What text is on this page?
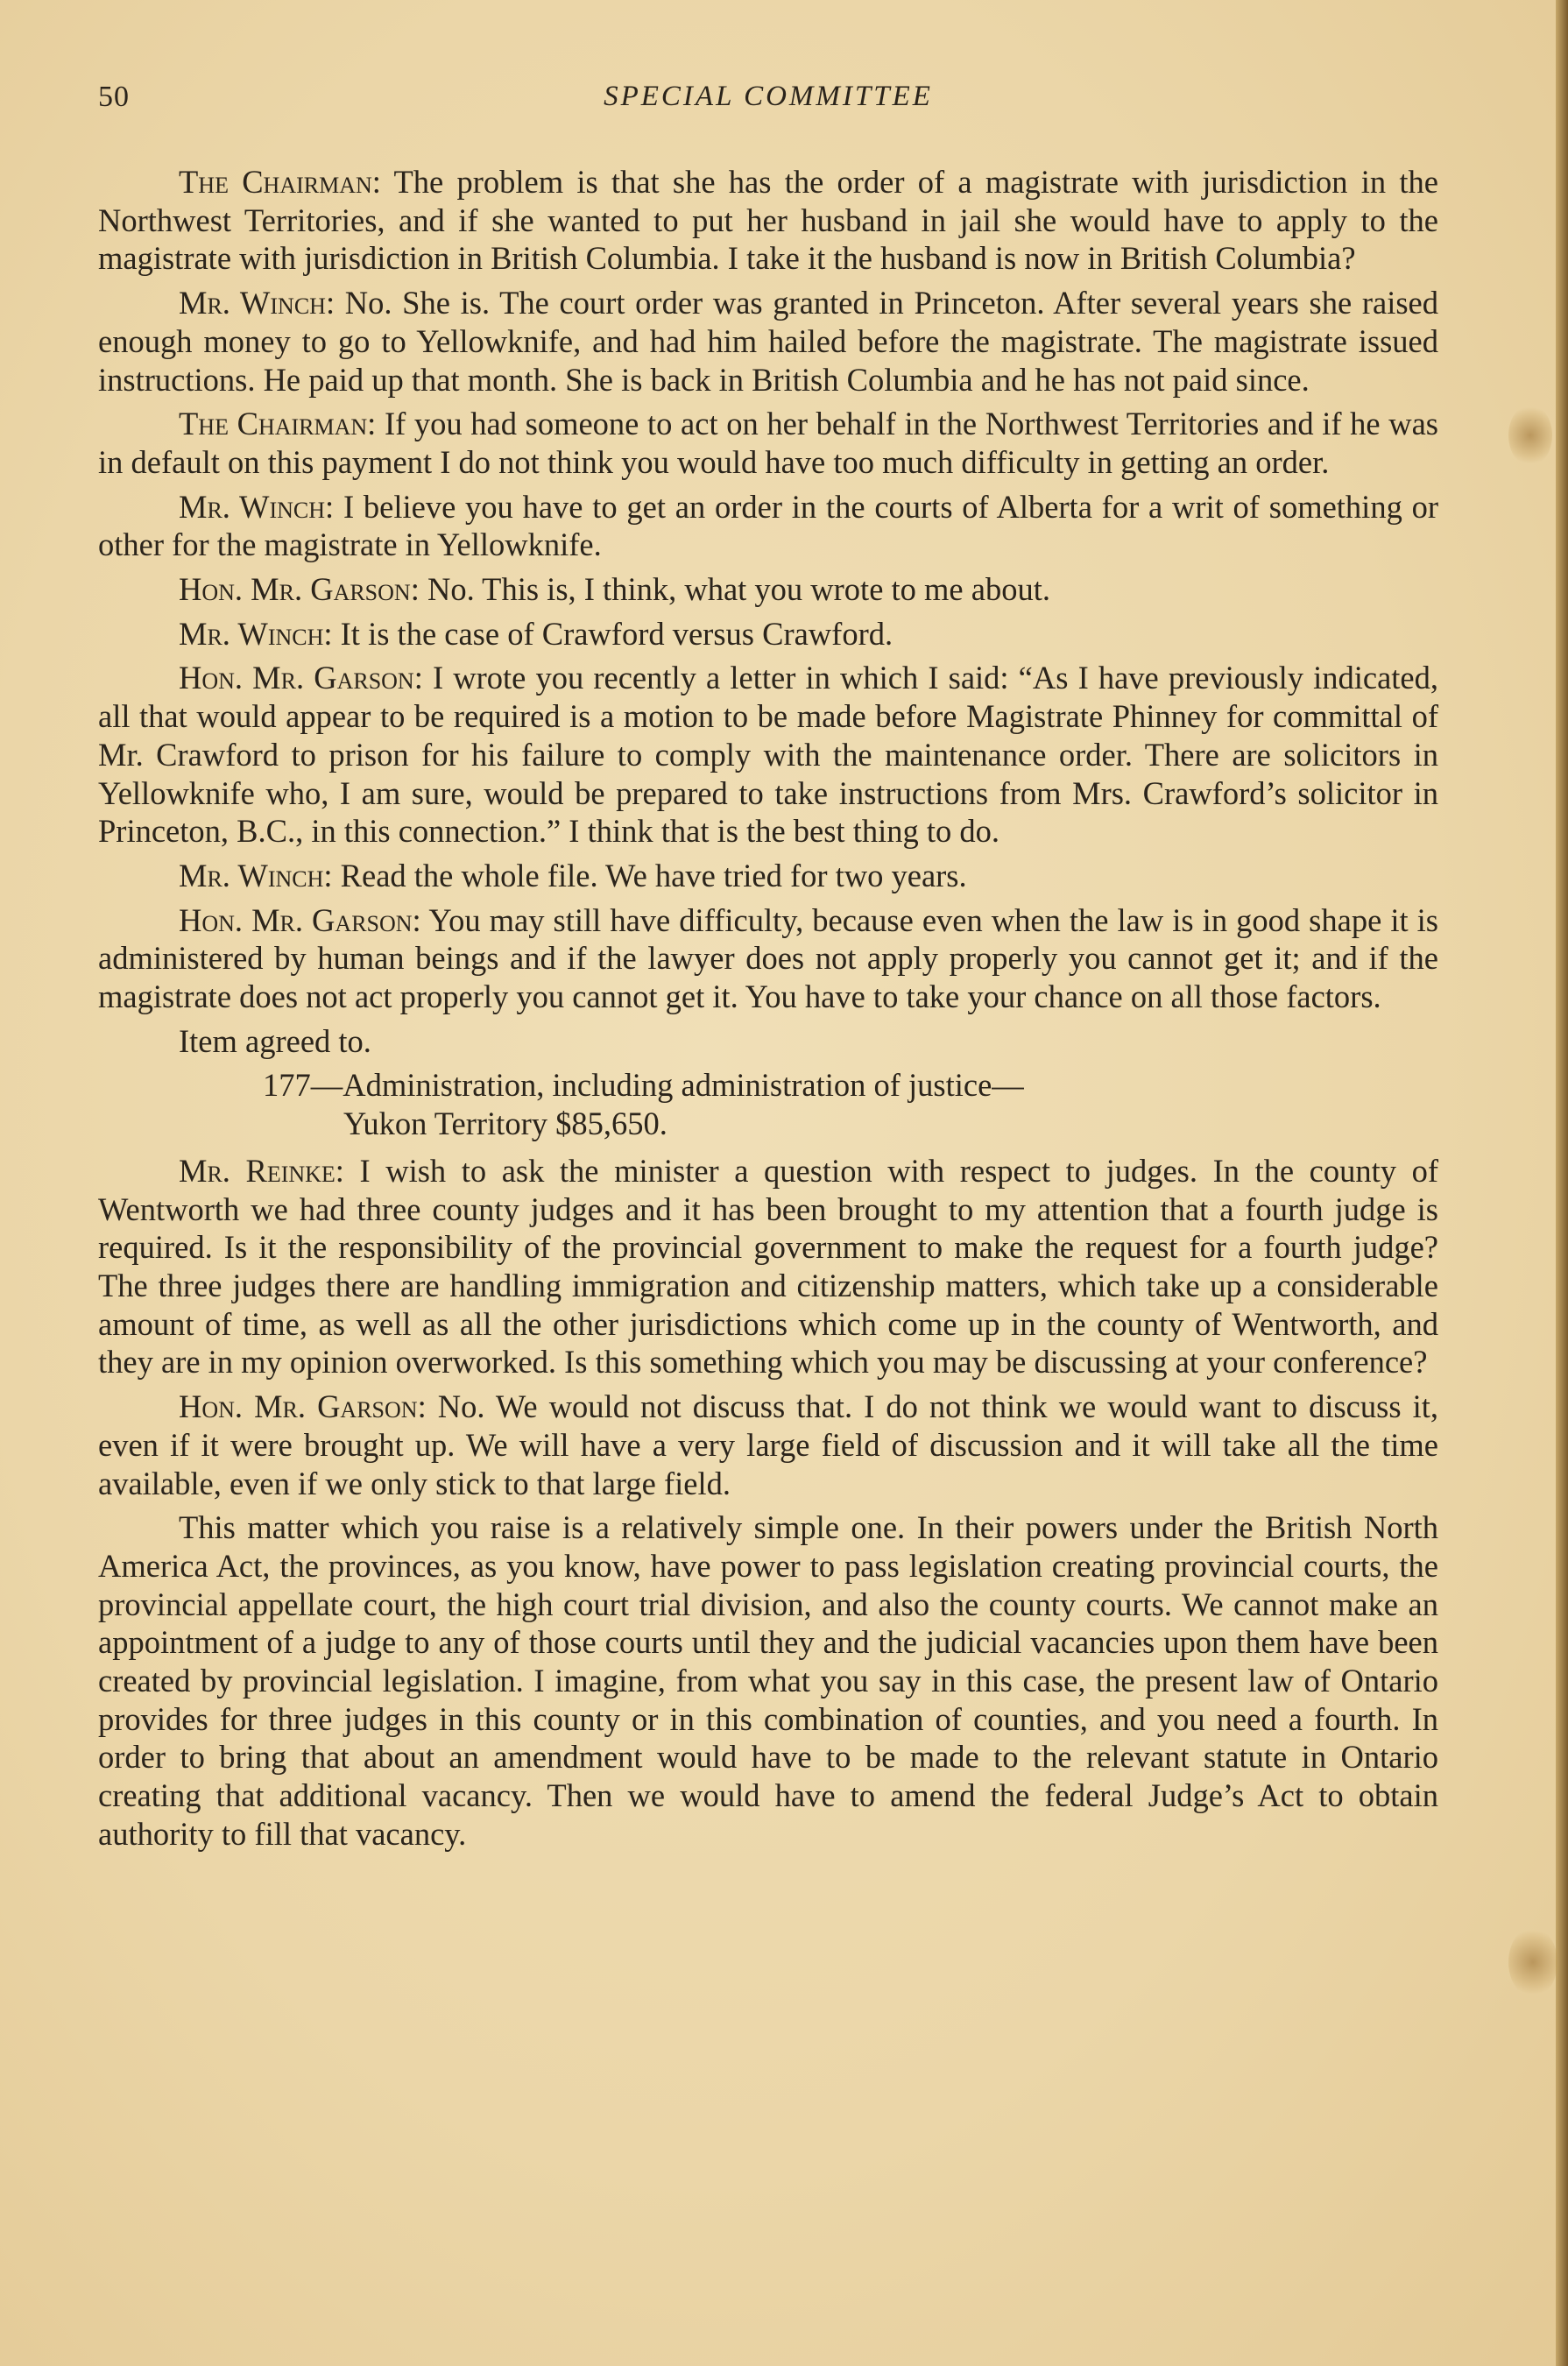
50	SPECIAL COMMITTEE

The Chairman: The problem is that she has the order of a magistrate with jurisdiction in the Northwest Territories, and if she wanted to put her husband in jail she would have to apply to the magistrate with jurisdiction in British Columbia. I take it the husband is now in British Columbia?

Mr. Winch: No. She is. The court order was granted in Princeton. After several years she raised enough money to go to Yellowknife, and had him hailed before the magistrate. The magistrate issued instructions. He paid up that month. She is back in British Columbia and he has not paid since.

The Chairman: If you had someone to act on her behalf in the Northwest Territories and if he was in default on this payment I do not think you would have too much difficulty in getting an order.

Mr. Winch: I believe you have to get an order in the courts of Alberta for a writ of something or other for the magistrate in Yellowknife.

Hon. Mr. Garson: No. This is, I think, what you wrote to me about.

Mr. Winch: It is the case of Crawford versus Crawford.

Hon. Mr. Garson: I wrote you recently a letter in which I said: “As I have previously indicated, all that would appear to be required is a motion to be made before Magistrate Phinney for committal of Mr. Crawford to prison for his failure to comply with the maintenance order. There are solicitors in Yellowknife who, I am sure, would be prepared to take instructions from Mrs. Crawford’s solicitor in Princeton, B.C., in this connection.” I think that is the best thing to do.

Mr. Winch: Read the whole file. We have tried for two years.

Hon. Mr. Garson: You may still have difficulty, because even when the law is in good shape it is administered by human beings and if the lawyer does not apply properly you cannot get it; and if the magistrate does not act properly you cannot get it. You have to take your chance on all those factors.

Item agreed to.

177—Administration, including administration of justice—
Yukon Territory $85,650.

Mr. Reinke: I wish to ask the minister a question with respect to judges. In the county of Wentworth we had three county judges and it has been brought to my attention that a fourth judge is required. Is it the responsibility of the provincial government to make the request for a fourth judge? The three judges there are handling immigration and citizenship matters, which take up a considerable amount of time, as well as all the other jurisdictions which come up in the county of Wentworth, and they are in my opinion overworked. Is this something which you may be discussing at your conference?

Hon. Mr. Garson: No. We would not discuss that. I do not think we would want to discuss it, even if it were brought up. We will have a very large field of discussion and it will take all the time available, even if we only stick to that large field.

This matter which you raise is a relatively simple one. In their powers under the British North America Act, the provinces, as you know, have power to pass legislation creating provincial courts, the provincial appellate court, the high court trial division, and also the county courts. We cannot make an appointment of a judge to any of those courts until they and the judicial vacancies upon them have been created by provincial legislation. I imagine, from what you say in this case, the present law of Ontario provides for three judges in this county or in this combination of counties, and you need a fourth. In order to bring that about an amendment would have to be made to the relevant statute in Ontario creating that additional vacancy. Then we would have to amend the federal Judge’s Act to obtain authority to fill that vacancy.
